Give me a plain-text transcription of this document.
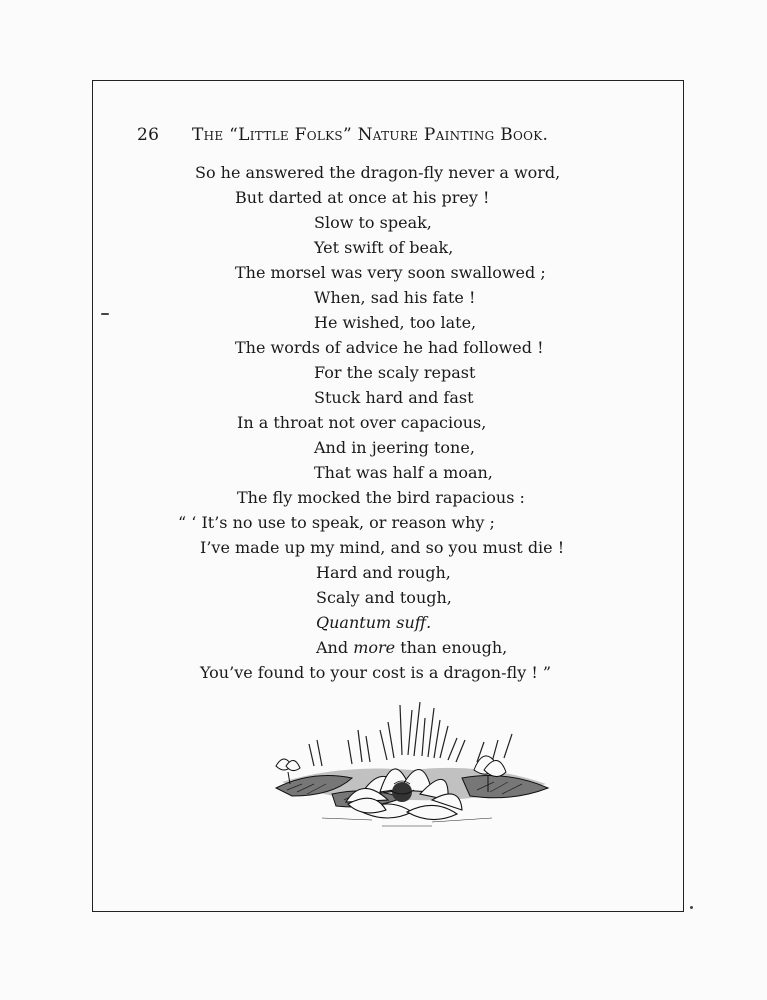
26 The “Little Folks” Nature Painting Book.
So he answered the dragon-fly never a word,
But darted at once at his prey !
Slow to speak,
Yet swift of beak,
The morsel was very soon swallowed ;
When, sad his fate !
He wished, too late,
The words of advice he had followed !
For the scaly repast
Stuck hard and fast
In a throat not over capacious,
And in jeering tone,
That was half a moan,
The fly mocked the bird rapacious :
“ ‘ It’s no use to speak, or reason why ;
I’ve made up my mind, and so you must die !
Hard and rough,
Scaly and tough,
Quantum suff.
And more than enough,
You’ve found to your cost is a dragon-fly ! ”
